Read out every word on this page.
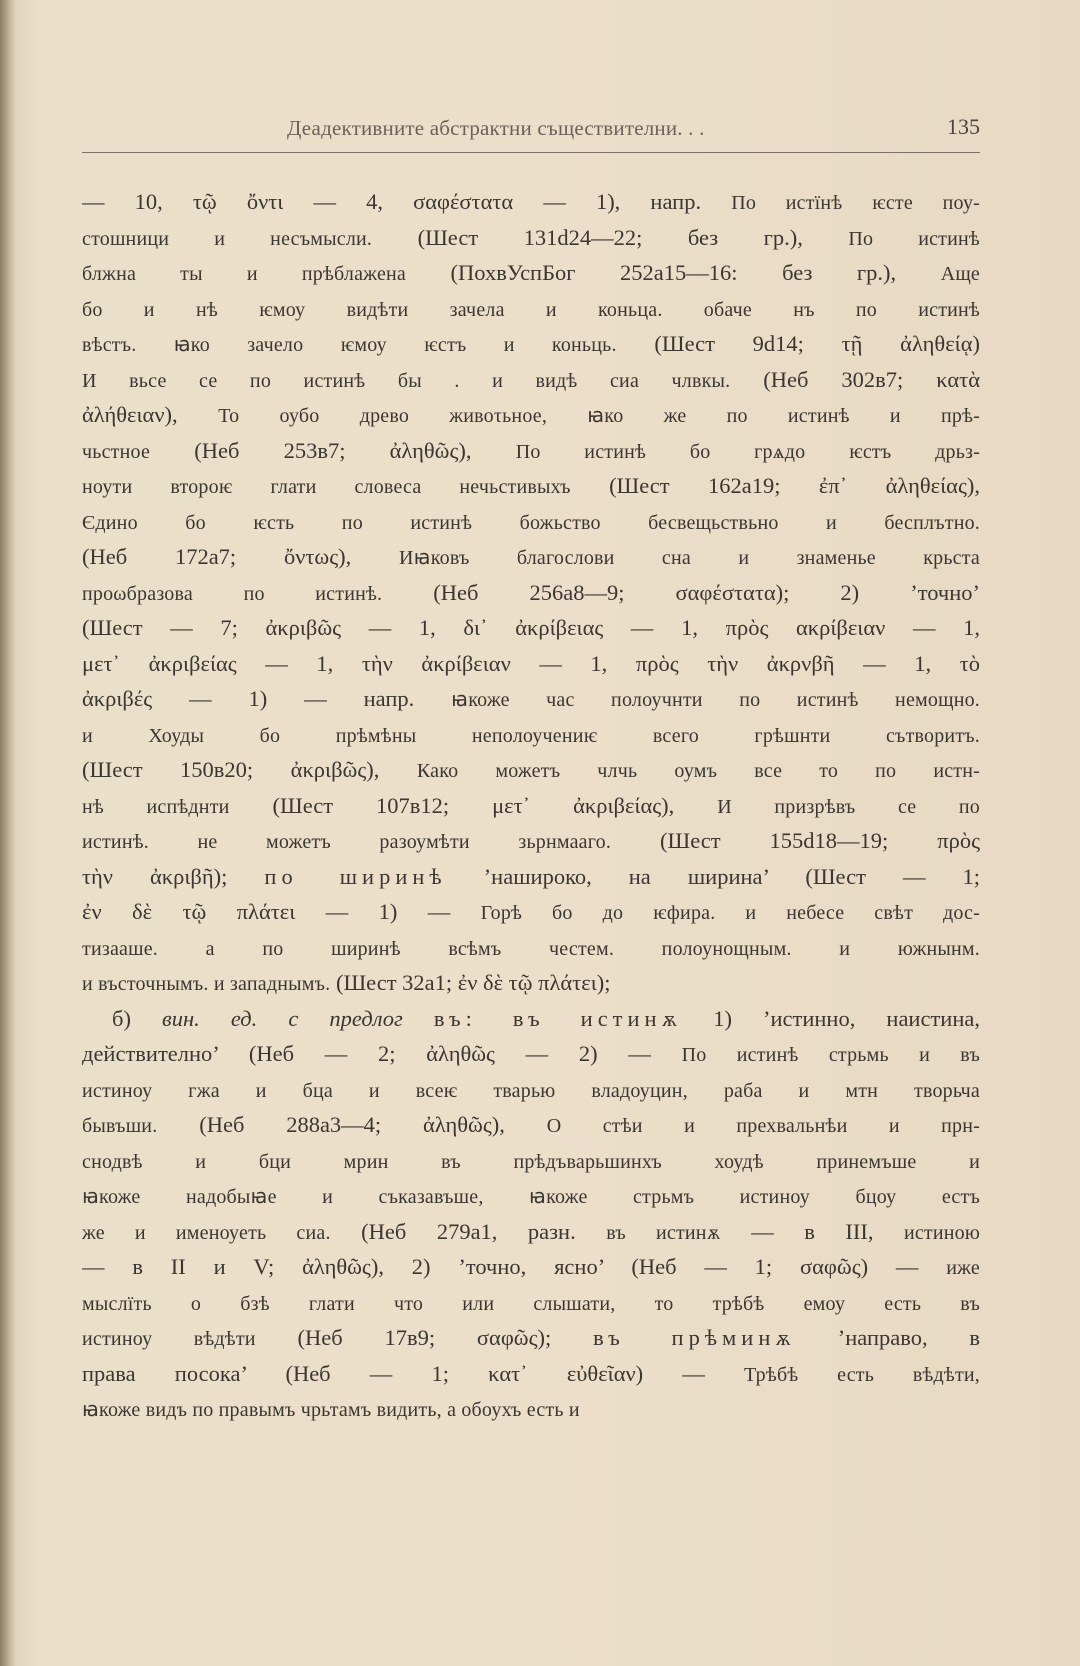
Деадективните абстрактни съществителни. . .	135
— 10, τῷ ὄντι — 4, σαφέστατα — 1), напр. По истїнѣ ѥсте поу-
стошници и несъмысли. (Шест 131d24—22; без гр.), По истинѣ
блжна ты и прѣблажена (ПохвУспБог 252а15—16: без гр.), Аще
бо и нѣ ѥмоу видѣти зачела и коньца. обаче нъ по истинѣ
вѣстъ. ꙗко зачело ѥмоу ѥстъ и коньць. (Шест 9d14; τῇ ἀληθείᾳ)
И вьсе се по истинѣ бы . и видѣ сиа члвкы. (Неб 302в7; κατὰ
ἀλήθειαν), То оубо древо живоτьное, ꙗко же по истинѣ и прѣ-
чьстное (Неб 253в7; ἀληθῶς), По истинѣ бо грѧдо ѥстъ дрьз-
ноути второѥ глати словеса нечьстивыхъ (Шест 162а19; ἐπ᾽ ἀληθείας),
Єдино бо ѥсть по истинѣ божьство бесвещьствьно и бесплътно.
(Неб 172а7; ὄντως), Иꙗковъ благослови сна и знаменье крьста
проωбразова по истинѣ. (Неб 256а8—9; σαφέστατα); 2) ’точно’
(Шест — 7; ἀκριβῶς — 1, δι᾽ ἀκρίβειας — 1, πρὸς ακρίβειαν — 1,
μετ᾽ ἀκριβείας — 1, τὴν ἀκρίβειαν — 1, πρὸς τὴν ἀκρνβῆ — 1, τὸ
ἀκριβές — 1) — напр. ꙗкоже час полоучнти по истинѣ немощно.
и Хоуды бо прѣмѣны неполоучениѥ всего грѣшнти сътворитъ.
(Шест 150в20; ἀκριβῶς), Како можетъ члчь оумъ все то по истн-
нѣ испѣднти (Шест 107в12; μετ᾽ ἀκριβείας), И призрѣвъ се по
истинѣ. не можетъ разоумѣти зьрнмааго. (Шест 155d18—19; πρὸς
τὴν ἀκριβῆ); по ширинѣ ’нашироко, на ширина’ (Шест — 1;
ἐν δὲ τῷ πλάτει — 1) — Горѣ бо до ѥфира. и небесе свѣт дос-
тизааше. а по ширинѣ всѣмъ честем. полоунощным. и южнынм.
и въсточнымъ. и западнымъ. (Шест 32а1; ἐν δὲ τῷ πλάτει);
б) вин. ед. с предлог въ: въ истинѫ 1) ’истинно, наистина,
действително’ (Неб — 2; ἀληθῶς — 2) — По истинѣ стрьмь и въ
истиноу гжа и бца и всеѥ тварью владоуцин, раба и мтн творьча
бывъши. (Неб 288а3—4; ἀληθῶς), О стѣи и прехвальнѣи и прн-
снодвѣ и бци мрин въ прѣдъварьшинхъ хоудѣ принемъше и
ꙗкоже надобыꙗе и съказавъше, ꙗкоже стрьмъ истиноу бцоу естъ
же и именоуеть сиа. (Неб 279а1, разн. въ истинѫ — в III, истиною
— в II и V; ἀληθῶς), 2) ’точно, ясно’ (Неб — 1; σαφῶς) — иже
мыслїть о бзѣ глати что или слышати, то трѣбѣ емоу есть въ
истиноу вѣдѣти (Неб 17в9; σαφῶς); въ прѣминѫ ’направо, в
права посока’ (Неб — 1; κατ᾽ εὐθεῖαν) — Трѣбѣ есть вѣдѣти,
ꙗкоже видъ по правымъ чрьтамъ видить, а обоухъ есть и
